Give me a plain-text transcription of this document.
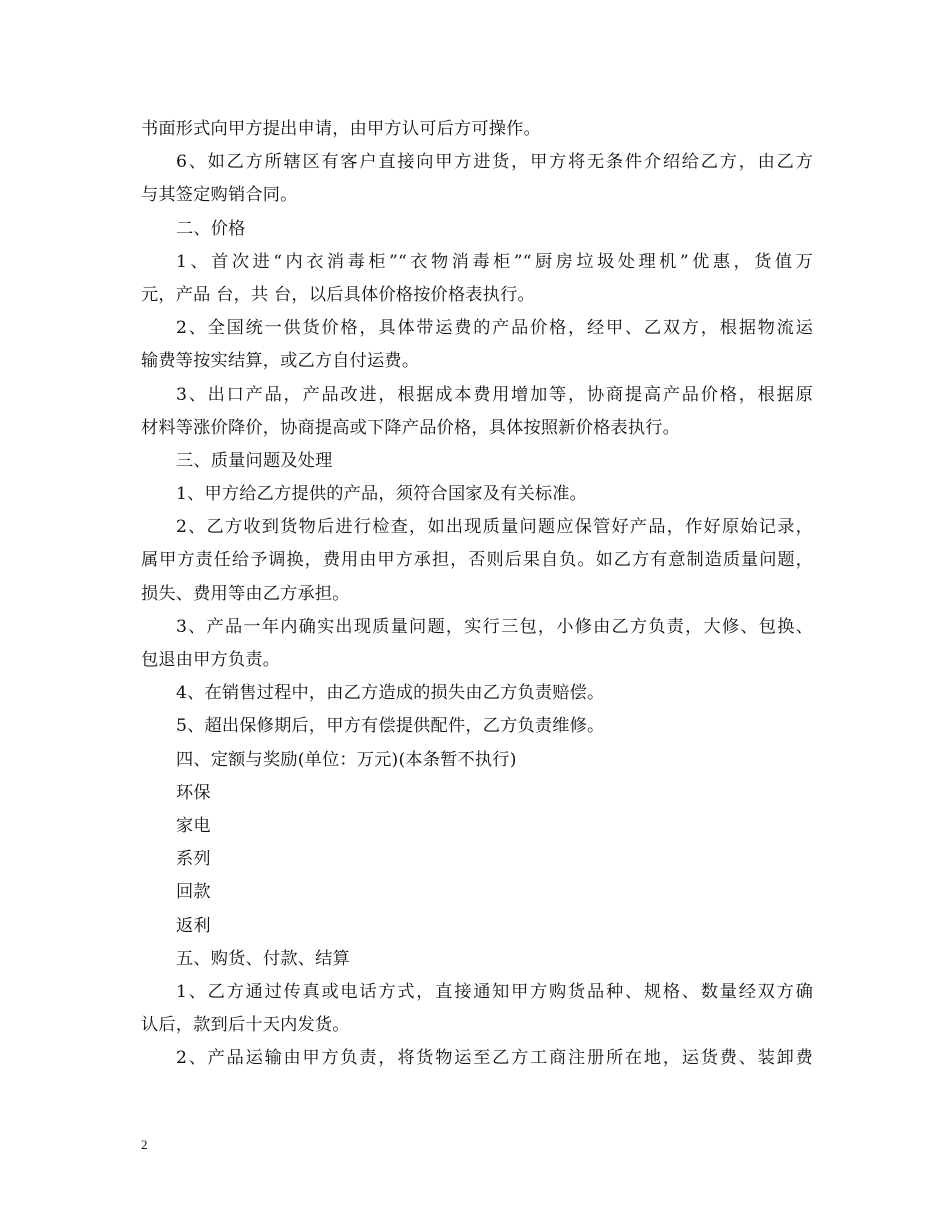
书面形式向甲方提出申请，由甲方认可后方可操作。
6、如乙方所辖区有客户直接向甲方进货，甲方将无条件介绍给乙方，由乙方
与其签定购销合同。
二、价格
1、首次进“内衣消毒柜”“衣物消毒柜”“厨房垃圾处理机”优惠，货值万
元，产品 台，共 台，以后具体价格按价格表执行。
2、全国统一供货价格，具体带运费的产品价格，经甲、乙双方，根据物流运
输费等按实结算，或乙方自付运费。
3、出口产品，产品改进，根据成本费用增加等，协商提高产品价格，根据原
材料等涨价降价，协商提高或下降产品价格，具体按照新价格表执行。
三、质量问题及处理
1、甲方给乙方提供的产品，须符合国家及有关标准。
2、乙方收到货物后进行检查，如出现质量问题应保管好产品，作好原始记录，
属甲方责任给予调换，费用由甲方承担，否则后果自负。如乙方有意制造质量问题，
损失、费用等由乙方承担。
3、产品一年内确实出现质量问题，实行三包，小修由乙方负责，大修、包换、
包退由甲方负责。
4、在销售过程中，由乙方造成的损失由乙方负责赔偿。
5、超出保修期后，甲方有偿提供配件，乙方负责维修。
四、定额与奖励(单位：万元)(本条暂不执行)
环保
家电
系列
回款
返利
五、购货、付款、结算
1、乙方通过传真或电话方式，直接通知甲方购货品种、规格、数量经双方确
认后，款到后十天内发货。
2、产品运输由甲方负责，将货物运至乙方工商注册所在地，运货费、装卸费
2
